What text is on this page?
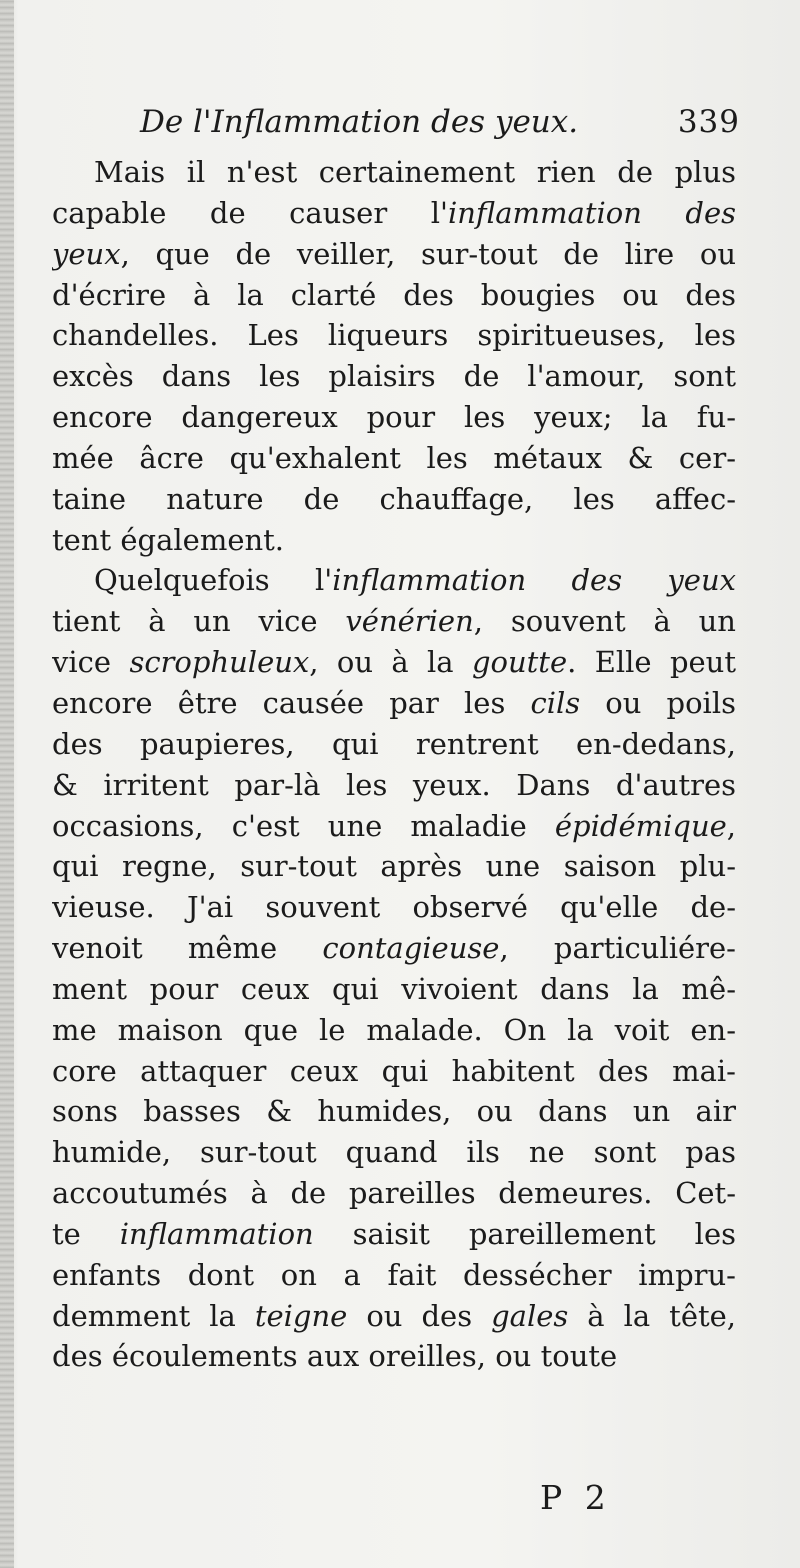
De l'Inflammation des yeux.	339
Mais il n'est certainement rien de plus
capable de causer l'inflammation des
yeux, que de veiller, sur-tout de lire ou
d'écrire à la clarté des bougies ou des
chandelles. Les liqueurs spiritueuses, les
excès dans les plaisirs de l'amour, sont
encore dangereux pour les yeux; la fu-
mée âcre qu'exhalent les métaux & cer-
taine nature de chauffage, les affec-
tent également.
Quelquefois l'inflammation des yeux
tient à un vice vénérien, souvent à un
vice scrophuleux, ou à la goutte. Elle peut
encore être causée par les cils ou poils
des paupieres, qui rentrent en-dedans,
& irritent par-là les yeux. Dans d'autres
occasions, c'est une maladie épidémique,
qui regne, sur-tout après une saison plu-
vieuse. J'ai souvent observé qu'elle de-
venoit même contagieuse, particuliére-
ment pour ceux qui vivoient dans la mê-
me maison que le malade. On la voit en-
core attaquer ceux qui habitent des mai-
sons basses & humides, ou dans un air
humide, sur-tout quand ils ne sont pas
accoutumés à de pareilles demeures. Cet-
te inflammation saisit pareillement les
enfants dont on a fait dessécher impru-
demment la teigne ou des gales à la tête,
des écoulements aux oreilles, ou toute
P 2
